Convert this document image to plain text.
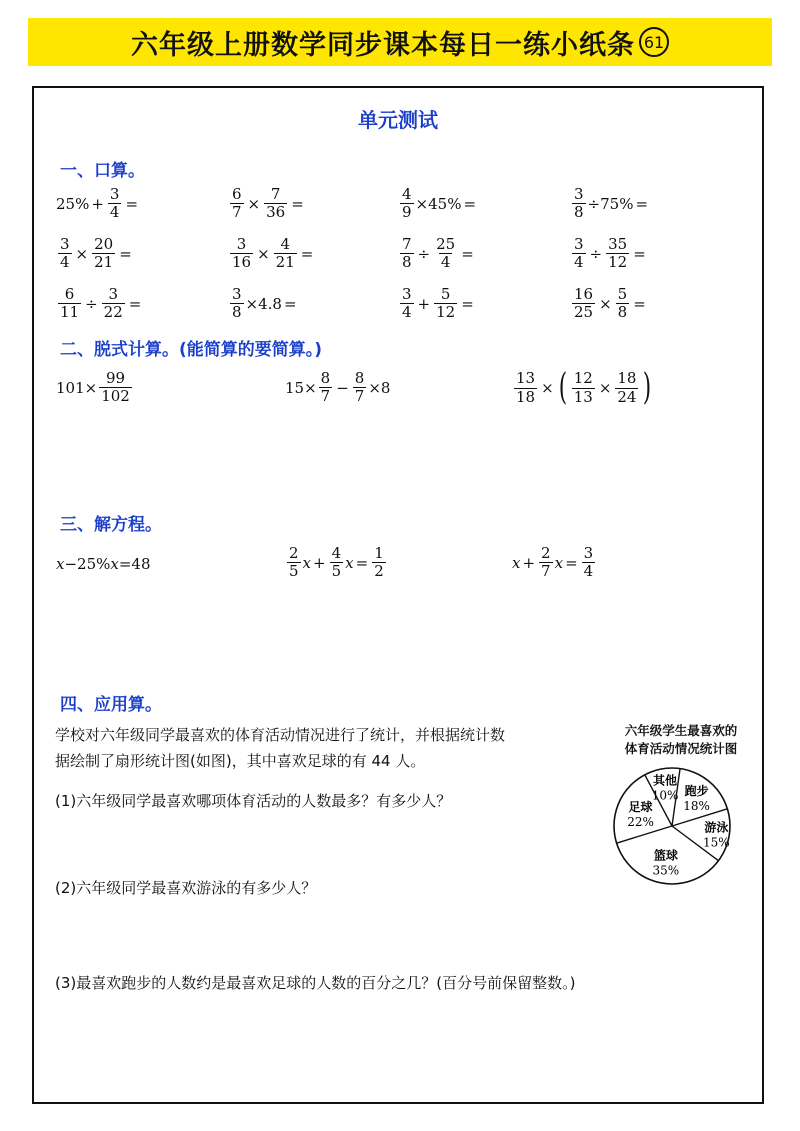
六年级上册数学同步课本每日一练小纸条 61
单元测试
一、口算。
$25\% + \frac{3}{4}$ =	$\frac{6}{7} \times \frac{7}{36}$ =	$\frac{4}{9} \times 45\%$ =	$\frac{3}{8} \div 75\%$ =
$\frac{3}{4} \times \frac{20}{21}$ =	$\frac{3}{16} \times \frac{4}{21}$ =	$\frac{7}{8} \div \frac{25}{4}$ =	$\frac{3}{4} \div \frac{35}{12}$ =
$\frac{6}{11} \div \frac{3}{22}$ =	$\frac{3}{8} \times 4.8$ =	$\frac{3}{4} + \frac{5}{12}$ =	$\frac{16}{25} \times \frac{5}{8}$ =
二、脱式计算。(能简算的要简算。)
$101\times \frac{99}{102}$	$15\times \frac{8}{7} - \frac{8}{7} \times 8$	$\frac{13}{18}$ × ( $\frac{12}{13} \times \frac{18}{24}$ )
三、解方程。
x −25% x =48	$\frac{2}{5}$ $x + \frac{4}{5}$ $x = \frac{1}{2}$	$x + \frac{2}{7}$ $x = \frac{3}{4}$
四、应用算。
学校对六年级同学最喜欢的体育活动情况进行了统计，并根据统计数
据绘制了扇形统计图(如图)，其中喜欢足球的有 44 人。
(1)六年级同学最喜欢哪项体育活动的人数最多？有多少人？
(2)六年级同学最喜欢游泳的有多少人？
(3)最喜欢跑步的人数约是最喜欢足球的人数的百分之几？(百分号前保留整数。)
六年级学生最喜欢的
体育活动情况统计图
其他
10% 跑步
18%
游泳
15%
篮球
35%
足球
22%
